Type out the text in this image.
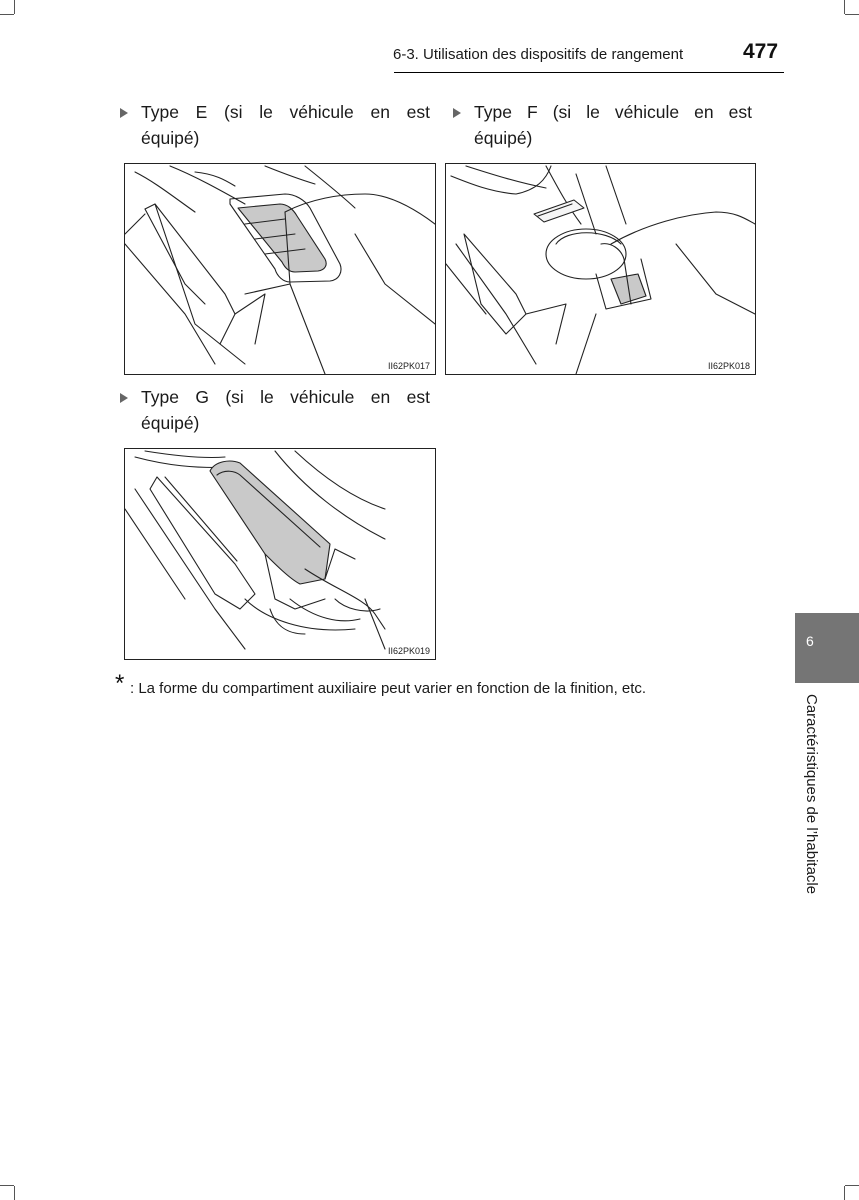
6-3. Utilisation des dispositifs de rangement	477
Type E (si le véhicule en est
équipé)
Type F (si le véhicule en est
équipé)
II62PK017	II62PK018
Type G (si le véhicule en est
équipé)
II62PK019
* : La forme du compartiment auxiliaire peut varier en fonction de la finition, etc.
6
Caractéristiques de l’habitacle
